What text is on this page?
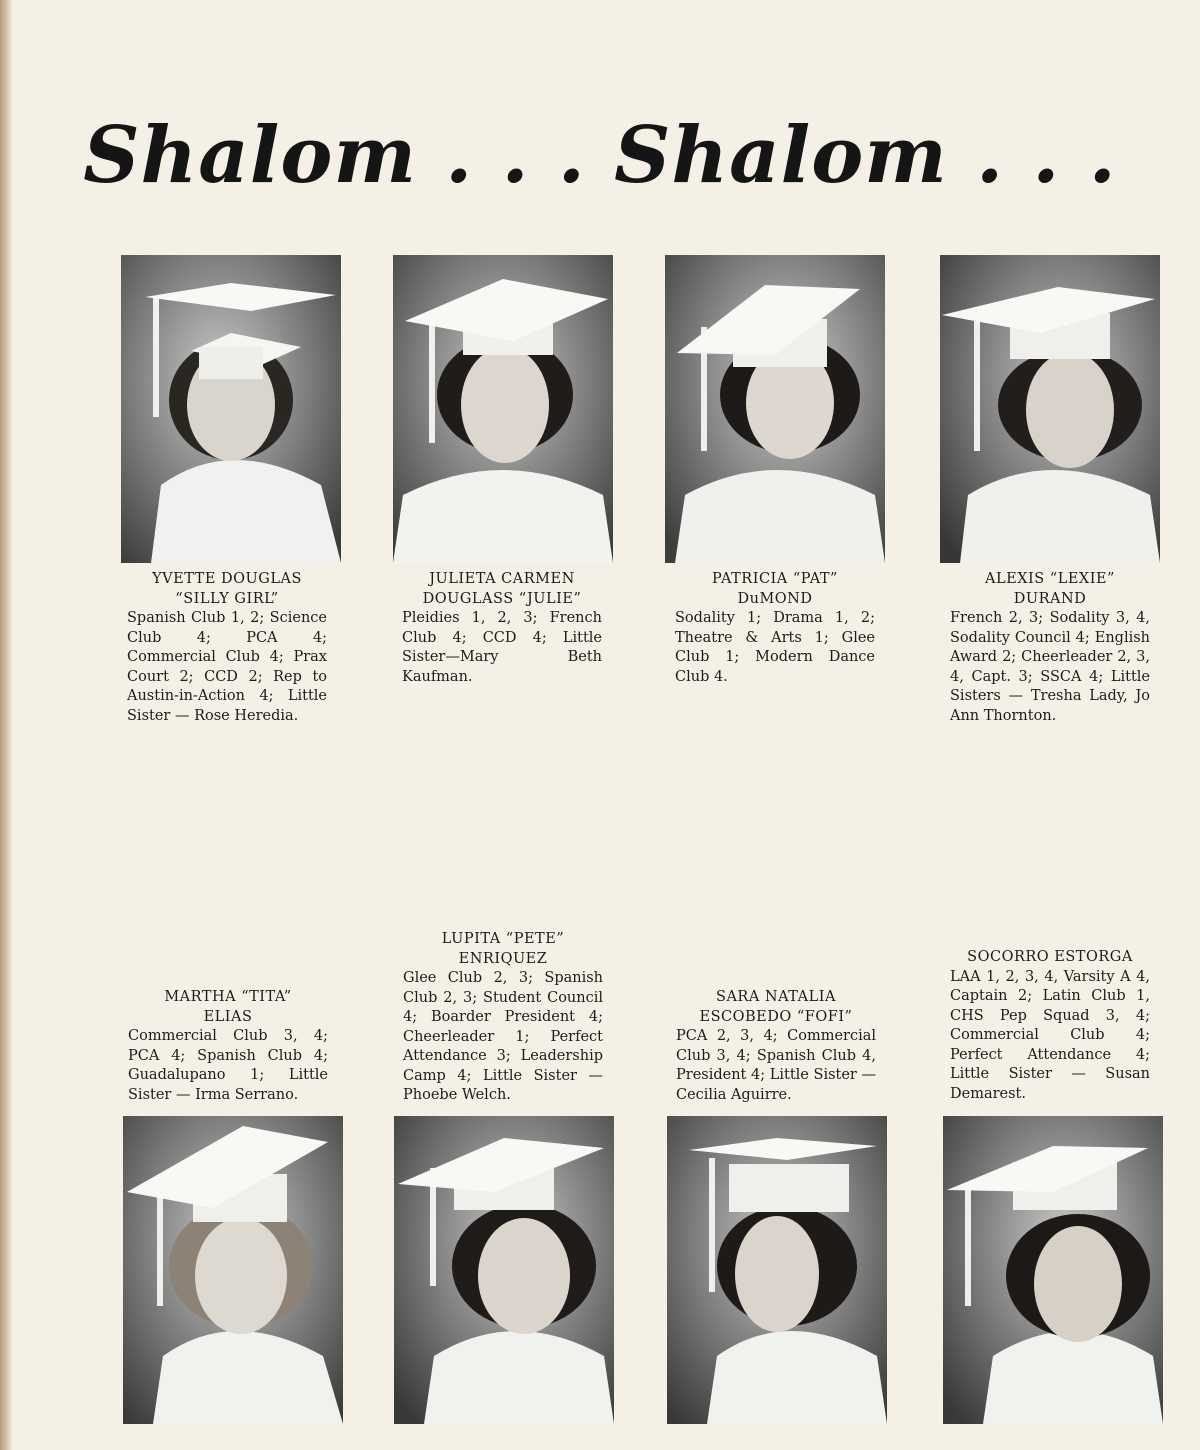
Shalom . . . Shalom . . .
YVETTE DOUGLAS
“SILLY GIRL”
Spanish Club 1, 2; Science Club 4; PCA 4; Commercial Club 4; Prax Court 2; CCD 2; Rep to Austin-in-Action 4; Little Sister — Rose Heredia.
JULIETA CARMEN
DOUGLASS “JULIE”
Pleidies 1, 2, 3; French Club 4; CCD 4; Little Sister—Mary Beth Kaufman.
PATRICIA “PAT”
DuMOND
Sodality 1; Drama 1, 2; Theatre & Arts 1; Glee Club 1; Modern Dance Club 4.
ALEXIS “LEXIE”
DURAND
French 2, 3; Sodality 3, 4, Sodality Council 4; English Award 2; Cheerleader 2, 3, 4, Capt. 3; SSCA 4; Little Sisters — Tresha Lady, Jo Ann Thornton.
MARTHA “TITA”
ELIAS
Commercial Club 3, 4; PCA 4; Spanish Club 4; Guadalupano 1; Little Sister — Irma Serrano.
LUPITA “PETE”
ENRIQUEZ
Glee Club 2, 3; Spanish Club 2, 3; Student Council 4; Boarder President 4; Cheerleader 1; Perfect Attendance 3; Leadership Camp 4; Little Sister — Phoebe Welch.
SARA NATALIA
ESCOBEDO “FOFI”
PCA 2, 3, 4; Commercial Club 3, 4; Spanish Club 4, President 4; Little Sister — Cecilia Aguirre.
SOCORRO ESTORGA
LAA 1, 2, 3, 4, Varsity A 4, Captain 2; Latin Club 1, CHS Pep Squad 3, 4; Commercial Club 4; Perfect Attendance 4; Little Sister — Susan Demarest.
